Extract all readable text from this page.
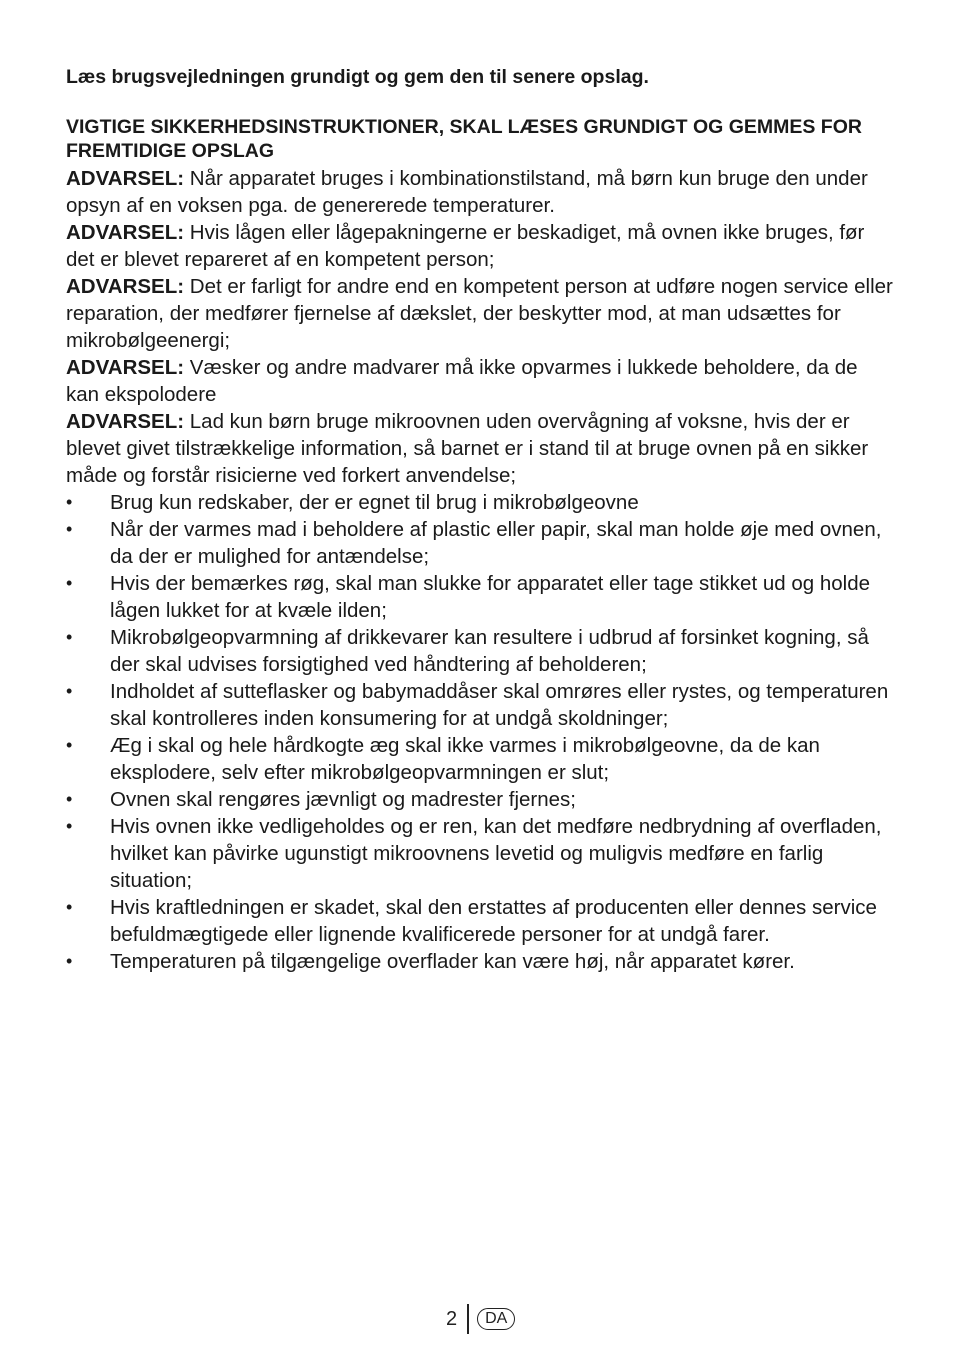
Læs brugsvejledningen grundigt og gem den til senere opslag.

VIGTIGE SIKKERHEDSINSTRUKTIONER, SKAL LÆSES GRUNDIGT OG GEMMES FOR FREMTIDIGE OPSLAG

ADVARSEL: Når apparatet bruges i kombinationstilstand, må børn kun bruge den under opsyn af en voksen pga. de genererede temperaturer.

ADVARSEL: Hvis lågen eller lågepakningerne er beskadiget, må ovnen ikke bruges, før det er blevet repareret af en kompetent person;

ADVARSEL: Det er farligt for andre end en kompetent person at udføre nogen service eller reparation, der medfører fjernelse af dækslet, der beskytter mod, at man udsættes for mikrobølgeenergi;

ADVARSEL: Væsker og andre madvarer må ikke opvarmes i lukkede beholdere, da de kan ekspolodere

ADVARSEL: Lad kun børn bruge mikroovnen uden overvågning af voksne, hvis der er blevet givet tilstrækkelige information, så barnet er i stand til at bruge ovnen på en sikker måde og forstår risicierne ved forkert anvendelse;

• Brug kun redskaber, der er egnet til brug i mikrobølgeovne
• Når der varmes mad i beholdere af plastic eller papir, skal man holde øje med ovnen, da der er mulighed for antændelse;
• Hvis der bemærkes røg, skal man slukke for apparatet eller tage stikket ud og holde lågen lukket for at kvæle ilden;
• Mikrobølgeopvarmning af drikkevarer kan resultere i udbrud af forsinket kogning, så der skal udvises forsigtighed ved håndtering af beholderen;
• Indholdet af sutteflasker og babymaddåser skal omrøres eller rystes, og temperaturen skal kontrolleres inden konsumering for at undgå skoldninger;
• Æg i skal og hele hårdkogte æg skal ikke varmes i mikrobølgeovne, da de kan eksplodere, selv efter mikrobølgeopvarmningen er slut;
• Ovnen skal rengøres jævnligt og madrester fjernes;
• Hvis ovnen ikke vedligeholdes og er ren, kan det medføre nedbrydning af overfladen, hvilket kan påvirke ugunstigt mikroovnens levetid og muligvis medføre en farlig situation;
• Hvis kraftledningen er skadet, skal den erstattes af producenten eller dennes service befuldmægtigede eller lignende kvalificerede personer for at undgå farer.
• Temperaturen på tilgængelige overflader kan være høj, når apparatet kører.
2	DA
